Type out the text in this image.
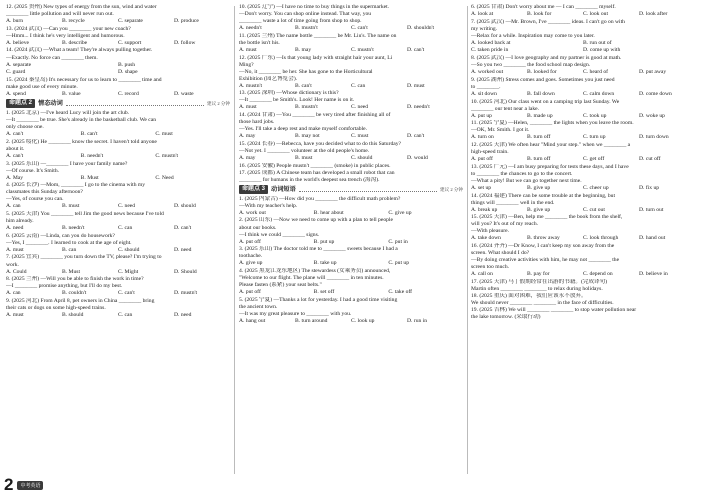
12. (2025 贵州) New types of energy from the sun, wind and water
________ little pollution and will never run out.
A. burn	B. recycle	C. separate	D. produce
13. (2024 武汉) —Can you ________ your new coach?
—Hmm... I think he's very intelligent and humorous.
A. believe	B. describe	C. support	D. follow
14. (2024 武汉) —What a team! They're always pulling together.
—Exactly. No force can ________ them.
A. separate	B. push
C. guard	D. shape
15. (2024 秦皇岛) It's necessary for us to learn to ________ time and
make good use of every minute.
A. spend	B. value	C. record	D. waste
命题点 2 情态动词	建议 2 分钟
1. (2025 北京) —I've heard Lucy will join the art club.
—It ________ be true. She's already in the basketball club. We can
only choose one.
A. can't	B. can't	C. must
2. (2025 绥化) He ________ know the secret. I haven't told anyone
about it.
A. can't	B. needn't	C. mustn't
3. (2025 乐山) —________ I have your family name?
—Of course. It's Smith.
A. May	B. Must	C. Need
4. (2025 长沙) —Mom, ________ I go to the cinema with my
classmates this Sunday afternoon?
—Yes, of course you can.
A. can	B. must	C. need	D. should
5. (2025 天津) You ________ tell Jim the good news because I've told
him already.
A. need	B. needn't	C. can	D. can't
6. (2025 云南) —Linda, can you do housework?
—Yes, I ________. I learned to cook at the age of eight.
A. must	B. can	C. should	D. need
7. (2025 宜宾) ________ you turn down the TV, please? I'm trying to
work.
A. Could	B. Must	C. Might	D. Should
8. (2025 兰州) —Will you be able to finish the work in time?
—I ________ promise anything, but I'll do my best.
A. can	B. couldn't	C. can't	D. mustn't
9. (2025 河北) From April 8, pet owners in China ________ bring
their cats or dogs on some high-speed trains.
A. must	B. should	C. can	D. need
10. (2025 辽宁) —I have no time to buy things in the supermarket.
—Don't worry. You can shop online instead. That way, you
________ waste a lot of time going from shop to shop.
A. needn't	B. mustn't	C. can't	D. shouldn't
11. (2025 兰州) The name bottle ________ be Mr. Liu's. The name on
the bottle isn't his.
A. must	B. may	C. mustn't	D. can't
12. (2025 广东) —Is that young lady with straight hair your aunt, Li
Ming?
—No, it ________ be her. She has gone to the Horticultural
Exhibition (园艺博览会).
A. mustn't	B. can't	C. can	D. must
13. (2025 深圳) —Whose dictionary is this?
—It ________ be Smith's. Look! Her name is on it.
A. must	B. mustn't	C. need	D. needn't
14. (2024 甘肃) —You ________ be very tired after finishing all of
those hard jobs.
—Yes. I'll take a deep rest and make myself comfortable.
A. may	B. may not	C. must	D. can't
15. (2024 长春) —Rebecca, have you decided what to do this Saturday?
—Not yet. I ________ volunteer at the old people's home.
A. may	B. must	C. should	D. would
16. (2025 安徽) People mustn't ________ (smoke) in public places.
17. (2025 成都) A Chinese team has developed a small robot that can
________ for humans in the world's deepest sea trench (海沟).
命题点 3 动词短语	建议 2 分钟
1. (2025 内蒙古) —How did you ________ the difficult math problem?
—With my teacher's help.
A. work out	B. hear about	C. give up
2. (2025 山东) —Now we need to come up with a plan to tell people
about our books.
—I think we could ________ signs.
A. put off	B. put up	C. put in
3. (2025 乐山) The doctor told me to ________ sweets because I had a
toothache.
A. give up	B. take up	C. put up
4. (2025 黑龙江龙东地区) The stewardess (女乘务员) announced,
"Welcome to our flight. The plane will ________ in ten minutes.
Please fasten (系紧) your seat belts."
A. put off	B. set off	C. take off
5. (2025 宁夏) —Thanks a lot for yesterday. I had a good time visiting
the ancient town.
—It was my great pleasure to ________ with you.
A. hang out	B. turn around	C. look up	D. run in
6. (2025 甘肃) Don't worry about me — I can ________ myself.
A. look at	B. look for	C. look out	D. look after
7. (2025 武汉) —Mr. Brown, I've ________ ideas. I can't go on with
my writing.
—Relax for a while. Inspiration may come to you later.
A. looked back at	B. run out of
C. taken pride in	D. come up with
8. (2025 武汉) —I love geography and my partner is good at math.
—So you two ________ the food school map design.
A. worked out	B. looked for	C. heard of	D. put away
9. (2025 湖州) Stress comes and goes. Sometimes you just need
to ________.
A. sit down	B. fall down	C. calm down	D. come down
10. (2025 河北) Our class went on a camping trip last Sunday. We
________ our tent near a lake.
A. put up	B. made up	C. took up	D. woke up
11. (2025 宁夏) —Helen, ________ the lights when you leave the room.
—OK, Mr. Smith. I got it.
A. turn on	B. turn off	C. turn up	D. turn down
12. (2025 天津) We often hear "Mind your step." when we ________ a
high-speed train.
A. put off	B. turn off	C. get off	D. cut off
13. (2025 广元) —I am busy preparing for tests these days, and I have
to ________ the chances to go to the concert.
—What a pity! But we can go together next time.
A. set up	B. give up	C. cheer up	D. fix up
14. (2024 福建) There can be some trouble at the beginning, but
things will ________ well in the end.
A. break up	B. give up	C. cut out	D. turn out
15. (2025 天津) —Ben, help me ________ the book from the shelf,
will you? It's out of my reach.
—With pleasure.
A. take down	B. throw away	C. look through	D. hand out
16. (2024 齐齐) —Dr Know, I can't keep my son away from the
screen. What should I do?
—By doing creative activities with him, he may not ________ the
screen too much.
A. call on	B. pay for	C. depend on	D. believe in
17. (2025 天津) 马丁假期经常在出游的书籍。(完成译句)
Martin often ________ ________ to relax during holidays.
18. (2025 重庆) 面对困难，我们应该永不放弃。
We should never ________ ________ in the face of difficulties.
19. (2025 吉林) We will ________ ________ to stop water pollution near
the lake tomorrow. (采取行动)
2	中考英语
